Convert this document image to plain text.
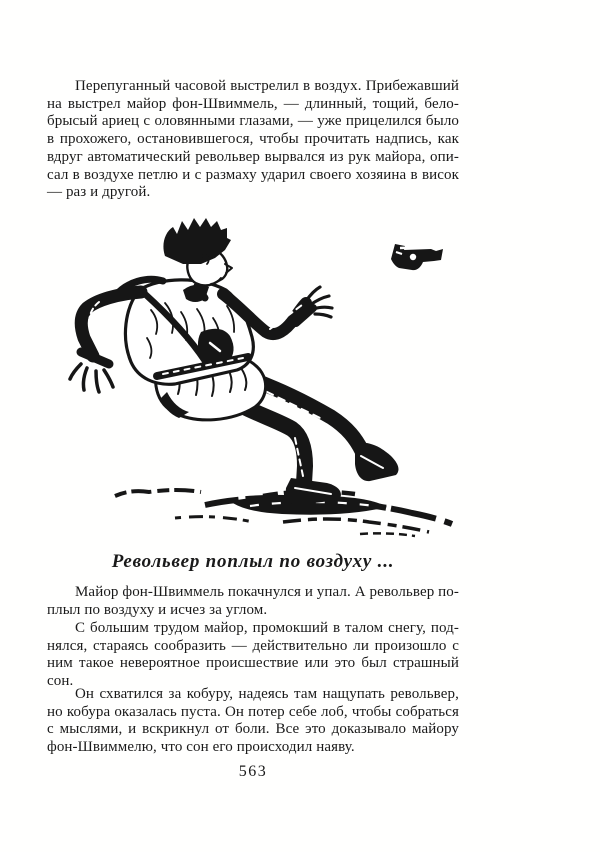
Перепуганный часовой выстрелил в воздух. Прибежавший
на выстрел майор фон-Швиммель, — длинный, тощий, бело-
брысый ариец с оловянными глазами, — уже прицелился было
в прохожего, остановившегося, чтобы прочитать надпись, как
вдруг автоматический револьвер вырвался из рук майора, опи-
сал в воздухе петлю и с размаху ударил своего хозяина в висок
— раз и другой.
Револьвер поплыл по воздуху ...
Майор фон-Швиммель покачнулся и упал. А револьвер по-
плыл по воздуху и исчез за углом.
С большим трудом майор, промокший в талом снегу, под-
нялся, стараясь сообразить — действительно ли произошло с
ним такое невероятное происшествие или это был страшный
сон.
Он схватился за кобуру, надеясь там нащупать револьвер,
но кобура оказалась пуста. Он потер себе лоб, чтобы собраться
с мыслями, и вскрикнул от боли. Все это доказывало майору
фон-Швиммелю, что сон его происходил наяву.
563
